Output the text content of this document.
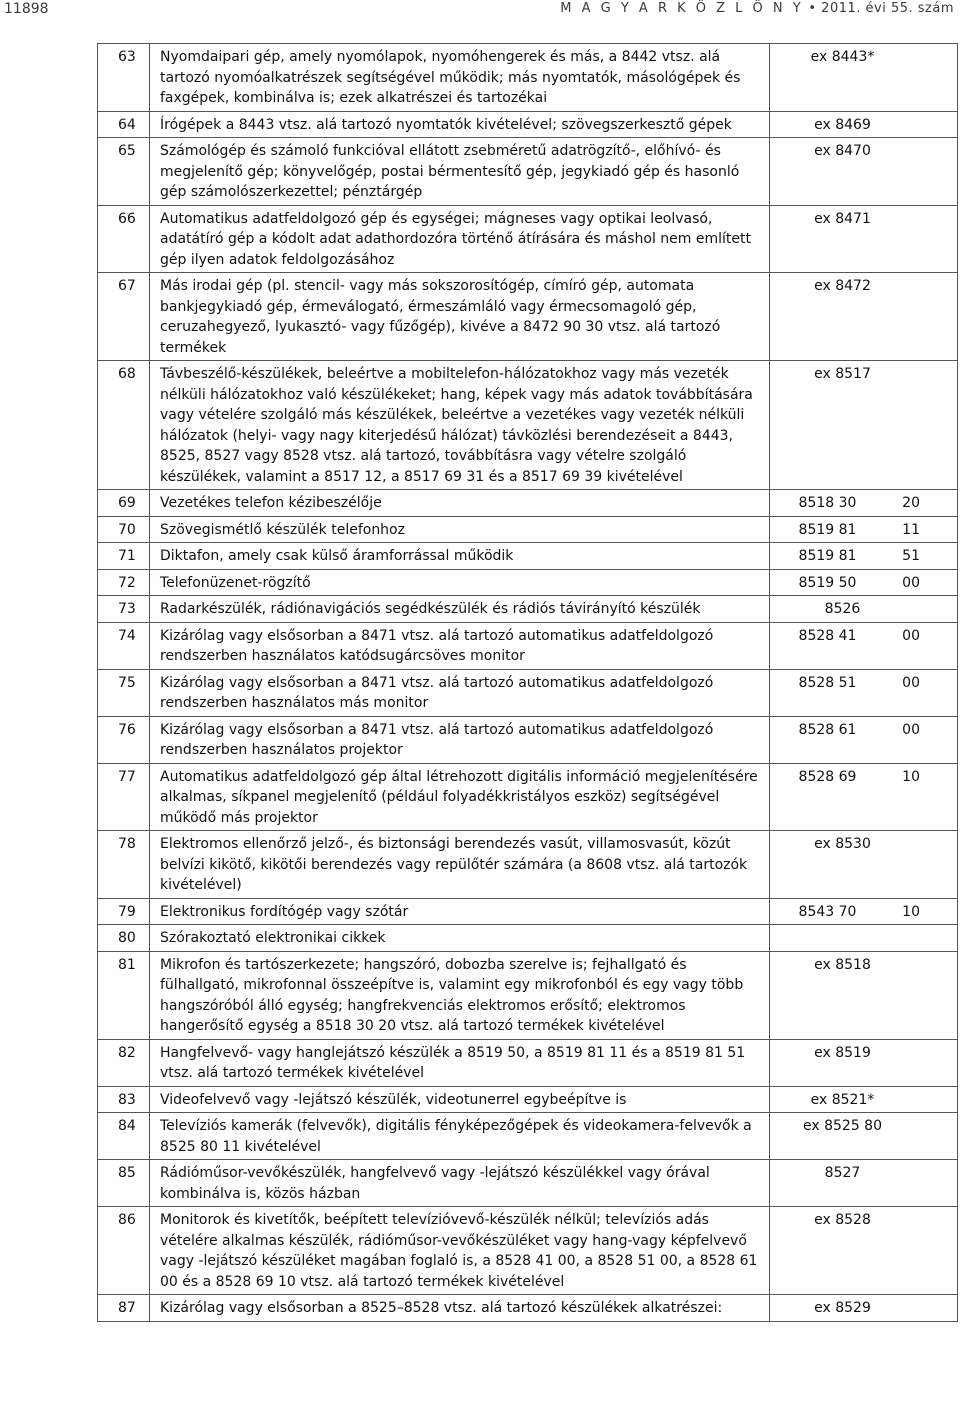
11898	M A G Y A R K Ö Z L Ö N Y • 2011. évi 55. szám
63	Nyomdaipari gép, amely nyomólapok, nyomóhengerek és más, a 8442 vtsz. alá tartozó nyomóalkatrészek segítségével működik; más nyomtatók, másológépek és faxgépek, kombinálva is; ezek alkatrészei és tartozékai	ex 8443*
64	Írógépek a 8443 vtsz. alá tartozó nyomtatók kivételével; szövegszerkesztő gépek	ex 8469
65	Számológép és számoló funkcióval ellátott zsebméretű adatrögzítő-, előhívó- és megjelenítő gép; könyvelőgép, postai bérmentesítő gép, jegykiadó gép és hasonló gép számolószerkezettel; pénztárgép	ex 8470
66	Automatikus adatfeldolgozó gép és egységei; mágneses vagy optikai leolvasó, adatátíró gép a kódolt adat adathordozóra történő átírására és máshol nem említett gép ilyen adatok feldolgozásához	ex 8471
67	Más irodai gép (pl. stencil- vagy más sokszorosítógép, címíró gép, automata bankjegykiadó gép, érmeválogató, érmeszámláló vagy érmecsomagoló gép, ceruzahegyező, lyukasztó- vagy fűzőgép), kivéve a 8472 90 30 vtsz. alá tartozó termékek	ex 8472
68	Távbeszélő-készülékek, beleértve a mobiltelefon-hálózatokhoz vagy más vezeték nélküli hálózatokhoz való készülékeket; hang, képek vagy más adatok továbbítására vagy vételére szolgáló más készülékek, beleértve a vezetékes vagy vezeték nélküli hálózatok (helyi- vagy nagy kiterjedésű hálózat) távközlési berendezéseit a 8443, 8525, 8527 vagy 8528 vtsz. alá tartozó, továbbításra vagy vételre szolgáló készülékek, valamint a 8517 12, a 8517 69 31 és a 8517 69 39 kivételével	ex 8517
69	Vezetékes telefon kézibeszélője	8518 30 20
70	Szövegismétlő készülék telefonhoz	8519 81 11
71	Diktafon, amely csak külső áramforrással működik	8519 81 51
72	Telefonüzenet-rögzítő	8519 50 00
73	Radarkészülék, rádiónavigációs segédkészülék és rádiós távirányító készülék	8526
74	Kizárólag vagy elsősorban a 8471 vtsz. alá tartozó automatikus adatfeldolgozó rendszerben használatos katódsugárcsöves monitor	8528 41 00
75	Kizárólag vagy elsősorban a 8471 vtsz. alá tartozó automatikus adatfeldolgozó rendszerben használatos más monitor	8528 51 00
76	Kizárólag vagy elsősorban a 8471 vtsz. alá tartozó automatikus adatfeldolgozó rendszerben használatos projektor	8528 61 00
77	Automatikus adatfeldolgozó gép által létrehozott digitális információ megjelenítésére alkalmas, síkpanel megjelenítő (például folyadékkristályos eszköz) segítségével működő más projektor	8528 69 10
78	Elektromos ellenőrző jelző-, és biztonsági berendezés vasút, villamosvasút, közút belvízi kikötő, kikötői berendezés vagy repülőtér számára (a 8608 vtsz. alá tartozók kivételével)	ex 8530
79	Elektronikus fordítógép vagy szótár	8543 70 10
80	Szórakoztató elektronikai cikkek	
81	Mikrofon és tartószerkezete; hangszóró, dobozba szerelve is; fejhallgató és fülhallgató, mikrofonnal összeépítve is, valamint egy mikrofonból és egy vagy több hangszóróból álló egység; hangfrekvenciás elektromos erősítő; elektromos hangerősítő egység a 8518 30 20 vtsz. alá tartozó termékek kivételével	ex 8518
82	Hangfelvevő- vagy hanglejátszó készülék a 8519 50, a 8519 81 11 és a 8519 81 51 vtsz. alá tartozó termékek kivételével	ex 8519
83	Videofelvevő vagy -lejátszó készülék, videotunerrel egybeépítve is	ex 8521*
84	Televíziós kamerák (felvevők), digitális fényképezőgépek és videokamera-felvevők a 8525 80 11 kivételével	ex 8525 80
85	Rádióműsor-vevőkészülék, hangfelvevő vagy -lejátszó készülékkel vagy órával kombinálva is, közös házban	8527
86	Monitorok és kivetítők, beépített televízióvevő-készülék nélkül; televíziós adás vételére alkalmas készülék, rádióműsor-vevőkészüléket vagy hang-vagy képfelvevő vagy -lejátszó készüléket magában foglaló is, a 8528 41 00, a 8528 51 00, a 8528 61 00 és a 8528 69 10 vtsz. alá tartozó termékek kivételével	ex 8528
87	Kizárólag vagy elsősorban a 8525–8528 vtsz. alá tartozó készülékek alkatrészei:	ex 8529
